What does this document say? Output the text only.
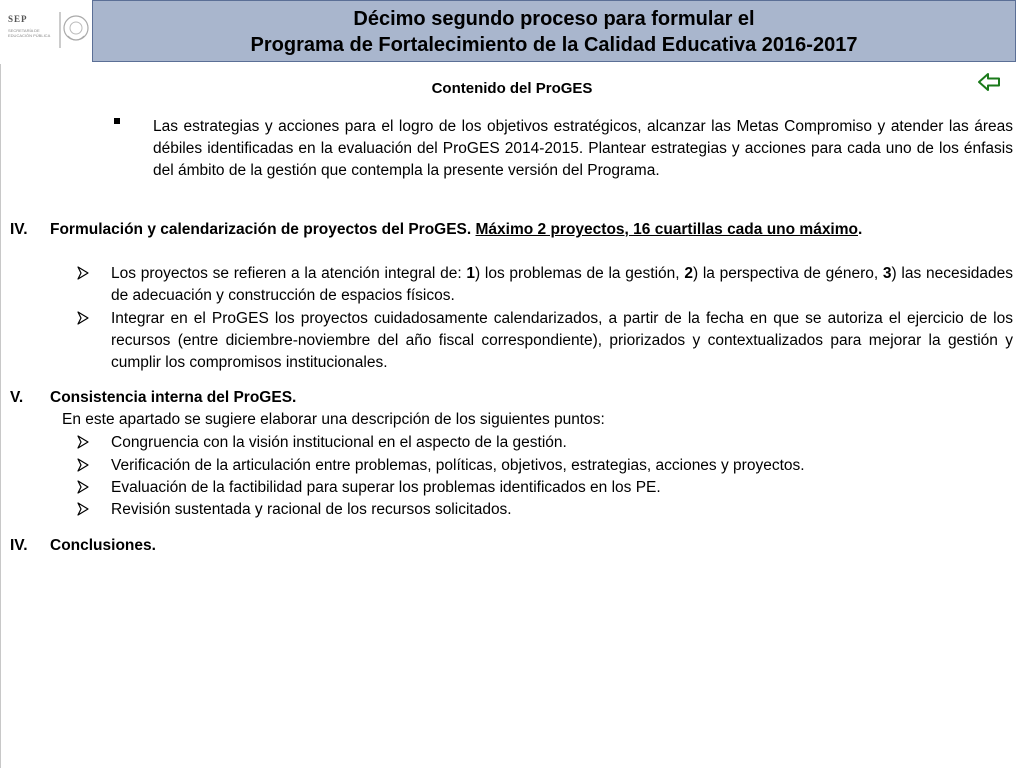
SEP
SECRETARÍA DE EDUCACIÓN PÚBLICA
Décimo segundo proceso para formular el
Programa de Fortalecimiento de la Calidad Educativa 2016-2017
Contenido del ProGES
Las estrategias y acciones para el logro de los objetivos estratégicos, alcanzar las Metas Compromiso y atender las áreas débiles identificadas en la evaluación del ProGES 2014-2015. Plantear estrategias y acciones para cada uno de los énfasis del ámbito de la gestión que contempla la presente versión del Programa.
IV. Formulación y calendarización de proyectos del ProGES. Máximo 2 proyectos, 16 cuartillas cada uno máximo.
Los proyectos se refieren a la atención integral de: 1) los problemas de la gestión, 2) la perspectiva de género, 3) las necesidades de adecuación y construcción de espacios físicos.
Integrar en el ProGES los proyectos cuidadosamente calendarizados, a partir de la fecha en que se autoriza el ejercicio de los recursos (entre diciembre-noviembre del año fiscal correspondiente), priorizados y contextualizados para mejorar la gestión y cumplir los compromisos institucionales.
V. Consistencia interna del ProGES.
En este apartado se sugiere elaborar una descripción de los siguientes puntos:
Congruencia con la visión institucional en el aspecto de la gestión.
Verificación de la articulación entre problemas, políticas, objetivos, estrategias, acciones y proyectos.
Evaluación de la factibilidad para superar los problemas identificados en los PE.
Revisión sustentada y racional de los recursos solicitados.
IV. Conclusiones.
